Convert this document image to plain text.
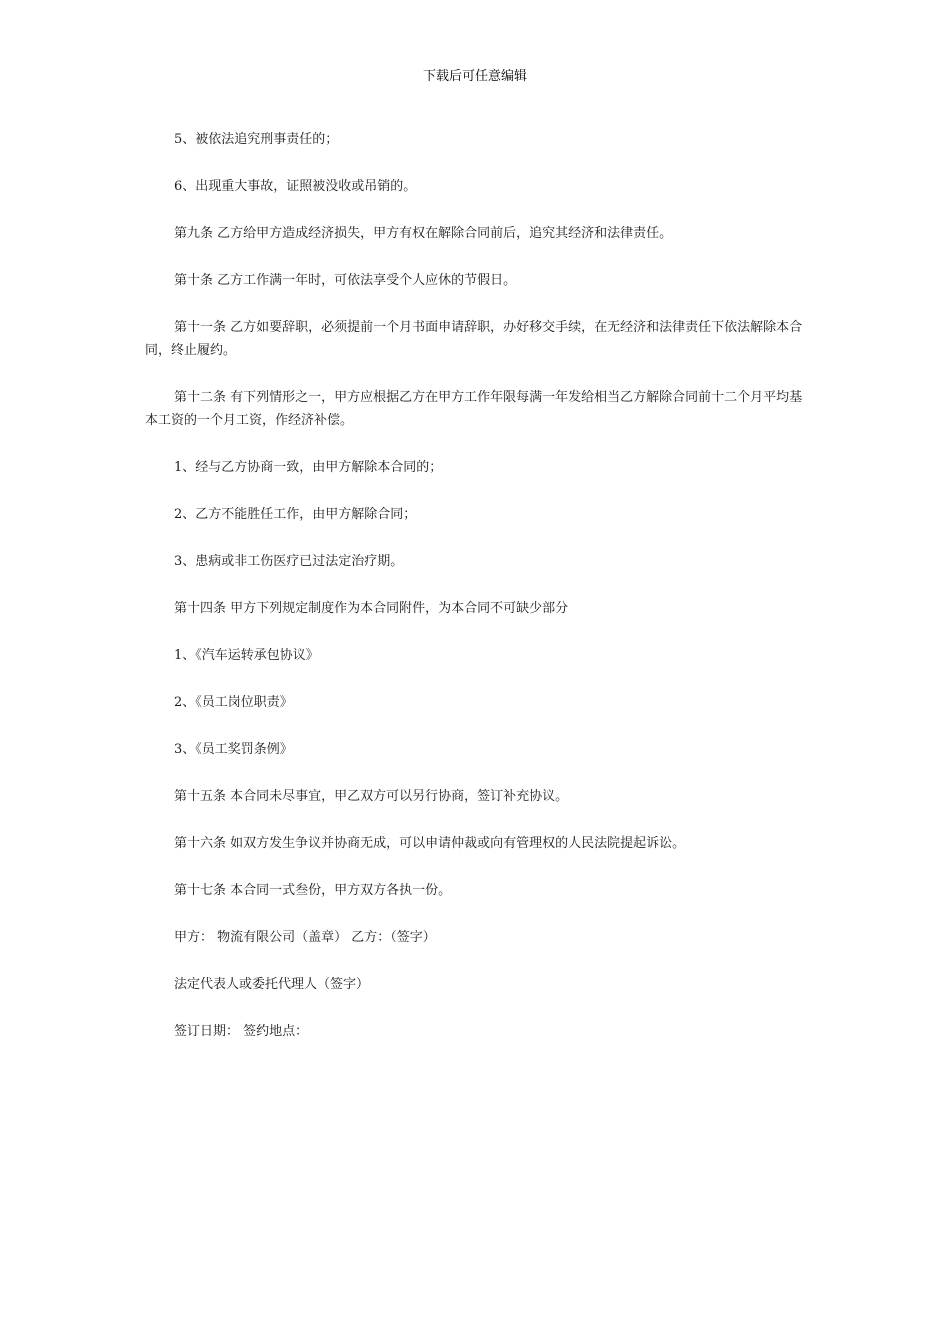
下载后可任意编辑

5、被依法追究刑事责任的；

6、出现重大事故，证照被没收或吊销的。

第九条 乙方给甲方造成经济损失，甲方有权在解除合同前后，追究其经济和法律责任。

第十条 乙方工作满一年时，可依法享受个人应休的节假日。

第十一条 乙方如要辞职，必须提前一个月书面申请辞职，办好移交手续，在无经济和法律责任下依法解除本合同，终止履约。

第十二条 有下列情形之一，甲方应根据乙方在甲方工作年限每满一年发给相当乙方解除合同前十二个月平均基本工资的一个月工资，作经济补偿。

1、经与乙方协商一致，由甲方解除本合同的；

2、乙方不能胜任工作，由甲方解除合同；

3、患病或非工伤医疗已过法定治疗期。

第十四条 甲方下列规定制度作为本合同附件，为本合同不可缺少部分

1、《汽车运转承包协议》

2、《员工岗位职责》

3、《员工奖罚条例》

第十五条 本合同未尽事宜，甲乙双方可以另行协商，签订补充协议。

第十六条 如双方发生争议并协商无成，可以申请仲裁或向有管理权的人民法院提起诉讼。

第十七条 本合同一式叁份，甲方双方各执一份。

甲方： 物流有限公司（盖章） 乙方：（签字）

法定代表人或委托代理人（签字）

签订日期： 签约地点：
